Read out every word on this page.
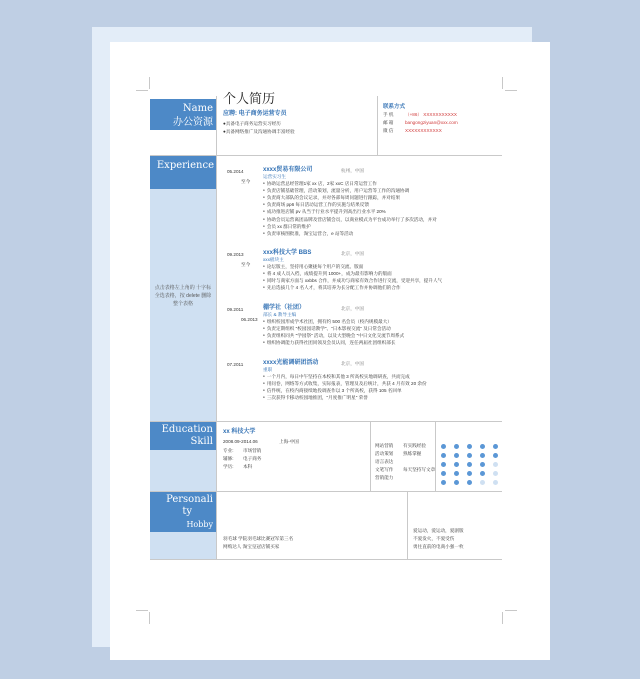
Name
办公资源
个人简历
应聘: 电子商务运营专员
●具备电子商务运营实习经历
●具备网络推广及沟通协调丰富经验
联系方式
手 机	（+86） XXXXXXXXXXX
邮 箱	bangongziyuan@xxx.com
微 信	XXXXXXXXXXXX
Experience
点击表格左上角的 十字标 全选表格，按 delete 删除整个表格
05.2014
至今
xxxx贸易有限公司	杭州，中国
运营实习生
● 协助运营总经管理1家 xx 店，2家 xxC 店日常运营工作
● 负责店铺基础管理，活动策划，流量分析，用户运营等工作的沟通协调
● 负责商大部队的会议记录，并对各部每周问题进行跟踪，并对结果
● 负责商场 pp6 每日活动运营工作的实施与结果反馈
● 成功推进店铺 pv 从当于行业水平提升到高出行业水平 20%
● 协助会员运营离团品牌及营店铺会员，以商业模式为平台成功举行了多次活动，并对
● 会员 xx 群日常的维护
● 负责审核图批准，淘宝运营合，e 站等活动
09.2013
至今
xxx科技大学 BBS	北京，中国
xxx板块主
● 论坛版主，坚持用心聚拢每个用户的交流、版面
● 将 4 成人员入档，成绩提升到 1000+，成为最有影响力的版面
● 同时与商家方面与 xxbbs 合作，并成功与商家有效合作进行交流，受迎共享，提升人气
● 先后选拔几个 4 名人才，将其培养为长分配工作并协调他们的合作
09.2011
06.2013
棚学社（社团）	北京，中国
部长 & 教导主编
● 组织校园形成学术社团，拥有约 500 名会员（校内规模最大）
● 负责定期组织 "校园园话教学"、"日本影视交流" 及日常会活动
● 负责组织同共 "学园祭" 活动，以及大型晚会 "中日文化交流节周系式
● 组织协调能力获得社团同领及会员认同，连任两届社团组织部长
07.2011	xxxx光能调研团活动	北京，中国
重职
● 一个月内，每日中午坚持在本校和其他 3 所高校实地调研查，共而完成
● 用问卷，网络等方式收集，实际报表，管理及及后统计，共获 4 月有效 20 余份
● 信件统，在校内商接续地投调查作以 3 个所高校，获得 105 名回单
● 三次获得卡移动校园地推团，"月度推广明星" 荣誉
Education
Skill
xx 科技大学
2008.09-2014.06	上海-中国
专业: 市场营销
辅修: 电子商务
学历: 本科
网站营销 有实践经验
活动策划 熟练掌握
语言表达
文笔写作 每天坚持写文章
营销能力
Personali
ty
Hobby
羽毛球 学院羽毛球比赛冠军第三名
网购达人 淘宝皇冠店铺买家
爱运动，爱运动，爱剧版
不爱发火，不爱受伤
勇往直前的电商小强一枚
